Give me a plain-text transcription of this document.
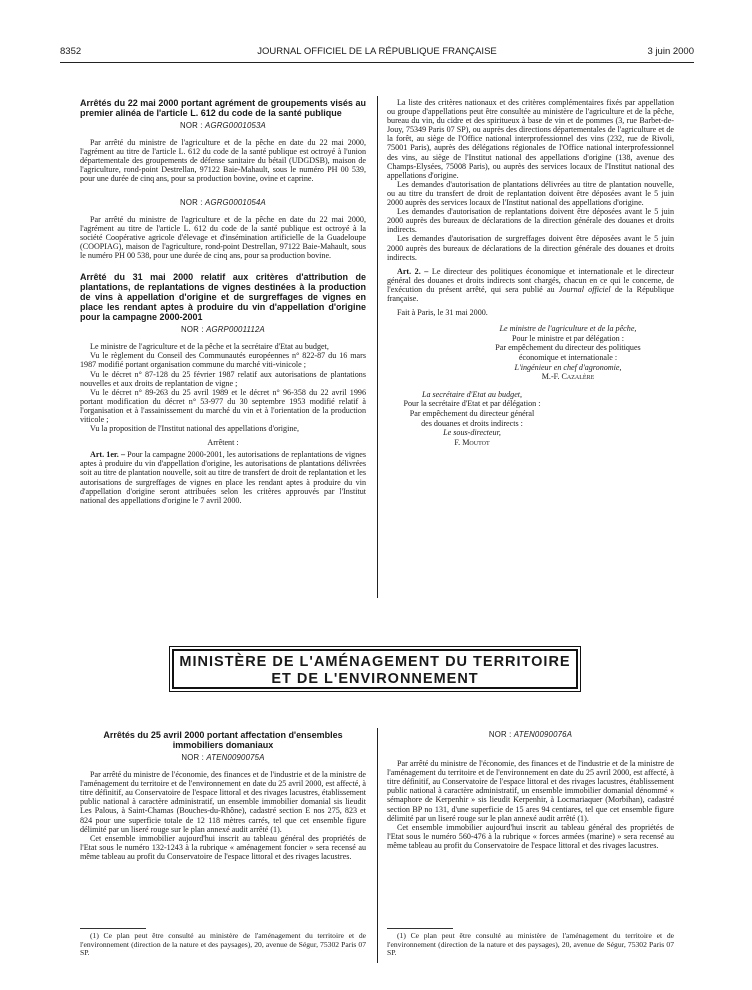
8352	JOURNAL OFFICIEL DE LA RÉPUBLIQUE FRANÇAISE	3 juin 2000
Arrêtés du 22 mai 2000 portant agrément de groupements visés au premier alinéa de l'article L. 612 du code de la santé publique
NOR : AGRG0001053A

Par arrêté du ministre de l'agriculture et de la pêche en date du 22 mai 2000, l'agrément au titre de l'article L. 612 du code de la santé publique est octroyé à l'union départementale des groupements de défense sanitaire du bétail (UDGDSB), maison de l'agriculture, rond-point Destrellan, 97122 Baie-Mahault, sous le numéro PH 00 539, pour une durée de cinq ans, pour sa production bovine, ovine et caprine.

NOR : AGRG0001054A

Par arrêté du ministre de l'agriculture et de la pêche en date du 22 mai 2000, l'agrément au titre de l'article L. 612 du code de la santé publique est octroyé à la société Coopérative agricole d'élevage et d'insémination artificielle de la Guadeloupe (COOPIAG), maison de l'agriculture, rond-point Destrellan, 97122 Baie-Mahault, sous le numéro PH 00 538, pour une durée de cinq ans, pour sa production bovine.

Arrêté du 31 mai 2000 relatif aux critères d'attribution de plantations, de replantations de vignes destinées à la production de vins à appellation d'origine et de surgreffages de vignes en place les rendant aptes à produire du vin d'appellation d'origine pour la campagne 2000-2001
NOR : AGRP0001112A

Le ministre de l'agriculture et de la pêche et la secrétaire d'Etat au budget,

Vu le règlement du Conseil des Communautés européennes n° 822-87 du 16 mars 1987 modifié portant organisation commune du marché viti-vinicole ;

Vu le décret n° 87-128 du 25 février 1987 relatif aux autorisations de plantations nouvelles et aux droits de replantation de vigne ;

Vu le décret n° 89-263 du 25 avril 1989 et le décret n° 96-358 du 22 avril 1996 portant modification du décret n° 53-977 du 30 septembre 1953 modifié relatif à l'organisation et à l'assainissement du marché du vin et à l'orientation de la production viticole ;

Vu la proposition de l'Institut national des appellations d'origine,

Arrêtent :

Art. 1er. – Pour la campagne 2000-2001, les autorisations de replantations de vignes aptes à produire du vin d'appellation d'origine, les autorisations de plantations délivrées soit au titre de plantation nouvelle, soit au titre de transfert de droit de replantation et les autorisations de surgreffages de vignes en place les rendant aptes à produire du vin d'appellation d'origine seront attribuées selon les critères approuvés par l'Institut national des appellations d'origine le 7 avril 2000.

La liste des critères nationaux et des critères complémentaires fixés par appellation ou groupe d'appellations peut être consultée au ministère de l'agriculture et de la pêche, bureau du vin, du cidre et des spiritueux à base de vin et de pommes (3, rue Barbet-de-Jouy, 75349 Paris 07 SP), ou auprès des directions départementales de l'agriculture et de la forêt, au siège de l'Office national interprofessionnel des vins (232, rue de Rivoli, 75001 Paris), auprès des délégations régionales de l'Office national interprofessionnel des vins, au siège de l'Institut national des appellations d'origine (138, avenue des Champs-Elysées, 75008 Paris), ou auprès des services locaux de l'Institut national des appellations d'origine.

Les demandes d'autorisation de plantations délivrées au titre de plantation nouvelle, ou au titre du transfert de droit de replantation doivent être déposées avant le 5 juin 2000 auprès des services locaux de l'Institut national des appellations d'origine.

Les demandes d'autorisation de replantations doivent être déposées avant le 5 juin 2000 auprès des bureaux de déclarations de la direction générale des douanes et droits indirects.

Les demandes d'autorisation de surgreffages doivent être déposées avant le 5 juin 2000 auprès des bureaux de déclarations de la direction générale des douanes et droits indirects.

Art. 2. – Le directeur des politiques économique et internationale et le directeur général des douanes et droits indirects sont chargés, chacun en ce qui le concerne, de l'exécution du présent arrêté, qui sera publié au Journal officiel de la République française.

Fait à Paris, le 31 mai 2000.

Le ministre de l'agriculture et de la pêche,
Pour le ministre et par délégation :
Par empêchement du directeur des politiques
économique et internationale :
L'ingénieur en chef d'agronomie,
M.-F. Cazalère
La secrétaire d'Etat au budget,
Pour la secrétaire d'Etat et par délégation :
Par empêchement du directeur général
des douanes et droits indirects :
Le sous-directeur,
F. Moutot
MINISTÈRE DE L'AMÉNAGEMENT DU TERRITOIRE
ET DE L'ENVIRONNEMENT
Arrêtés du 25 avril 2000 portant affectation d'ensembles immobiliers domaniaux
NOR : ATEN0090075A

Par arrêté du ministre de l'économie, des finances et de l'industrie et de la ministre de l'aménagement du territoire et de l'environnement en date du 25 avril 2000, est affecté, à titre définitif, au Conservatoire de l'espace littoral et des rivages lacustres, établissement public national à caractère administratif, un ensemble immobilier domanial sis lieudit Les Palous, à Saint-Chamas (Bouches-du-Rhône), cadastré section E nos 275, 823 et 824 pour une superficie totale de 12 118 mètres carrés, tel que cet ensemble figure délimité par un liseré rouge sur le plan annexé audit arrêté (1).

Cet ensemble immobilier aujourd'hui inscrit au tableau général des propriétés de l'Etat sous le numéro 132-1243 à la rubrique « aménagement foncier » sera recensé au même tableau au profit du Conservatoire de l'espace littoral et des rivages lacustres.

NOR : ATEN0090076A

Par arrêté du ministre de l'économie, des finances et de l'industrie et de la ministre de l'aménagement du territoire et de l'environnement en date du 25 avril 2000, est affecté, à titre définitif, au Conservatoire de l'espace littoral et des rivages lacustres, établissement public national à caractère administratif, un ensemble immobilier domanial dénommé « sémaphore de Kerpenhir » sis lieudit Kerpenhir, à Locmariaquer (Morbihan), cadastré section BP no 131, d'une superficie de 15 ares 94 centiares, tel que cet ensemble figure délimité par un liseré rouge sur le plan annexé audit arrêté (1).

Cet ensemble immobilier aujourd'hui inscrit au tableau général des propriétés de l'Etat sous le numéro 560-476 à la rubrique « forces armées (marine) » sera recensé au même tableau au profit du Conservatoire de l'espace littoral et des rivages lacustres.

(1) Ce plan peut être consulté au ministère de l'aménagement du territoire et de l'environnement (direction de la nature et des paysages), 20, avenue de Ségur, 75302 Paris 07 SP.

(1) Ce plan peut être consulté au ministère de l'aménagement du territoire et de l'environnement (direction de la nature et des paysages), 20, avenue de Ségur, 75302 Paris 07 SP.
